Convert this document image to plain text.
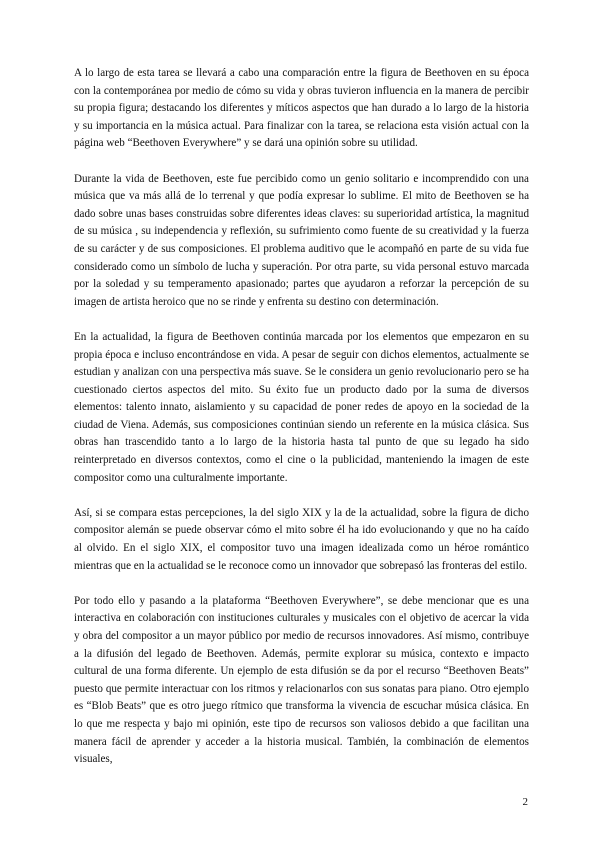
A lo largo de esta tarea se llevará a cabo una comparación entre la figura de Beethoven en su época con la contemporánea por medio de cómo su vida y obras tuvieron influencia en la manera de percibir su propia figura; destacando los diferentes y míticos aspectos que han durado a lo largo de la historia y su importancia en la música actual. Para finalizar con la tarea, se relaciona esta visión actual con la página web “Beethoven Everywhere” y se dará una opinión sobre su utilidad.

Durante la vida de Beethoven, este fue percibido como un genio solitario e incomprendido con una música que va más allá de lo terrenal y que podía expresar lo sublime. El mito de Beethoven se ha dado sobre unas bases construidas sobre diferentes ideas claves: su superioridad artística, la magnitud de su música , su independencia y reflexión, su sufrimiento como fuente de su creatividad y la fuerza de su carácter y de sus composiciones. El problema auditivo que le acompañó en parte de su vida fue considerado como un símbolo de lucha y superación. Por otra parte, su vida personal estuvo marcada por la soledad y su temperamento apasionado; partes que ayudaron a reforzar la percepción de su imagen de artista heroico que no se rinde y enfrenta su destino con determinación.

En la actualidad, la figura de Beethoven continúa marcada por los elementos que empezaron en su propia época e incluso encontrándose en vida. A pesar de seguir con dichos elementos, actualmente se estudian y analizan con una perspectiva más suave. Se le considera un genio revolucionario pero se ha cuestionado ciertos aspectos del mito. Su éxito fue un producto dado por la suma de diversos elementos: talento innato, aislamiento y su capacidad de poner redes de apoyo en la sociedad de la ciudad de Viena. Además, sus composiciones continúan siendo un referente en la música clásica. Sus obras han trascendido tanto a lo largo de la historia hasta tal punto de que su legado ha sido reinterpretado en diversos contextos, como el cine o la publicidad, manteniendo la imagen de este compositor como una culturalmente importante.

Así, si se compara estas percepciones, la del siglo XIX y la de la actualidad, sobre la figura de dicho compositor alemán se puede observar cómo el mito sobre él ha ido evolucionando y que no ha caído al olvido. En el siglo XIX, el compositor tuvo una imagen idealizada como un héroe romántico mientras que en la actualidad se le reconoce como un innovador que sobrepasó las fronteras del estilo.

Por todo ello y pasando a la plataforma “Beethoven Everywhere”, se debe mencionar que es una interactiva en colaboración con instituciones culturales y musicales con el objetivo de acercar la vida y obra del compositor a un mayor público por medio de recursos innovadores. Así mismo, contribuye a la difusión del legado de Beethoven. Además, permite explorar su música, contexto e impacto cultural de una forma diferente. Un ejemplo de esta difusión se da por el recurso “Beethoven Beats” puesto que permite interactuar con los ritmos y relacionarlos con sus sonatas para piano. Otro ejemplo es “Blob Beats” que es otro juego rítmico que transforma la vivencia de escuchar música clásica. En lo que me respecta y bajo mi opinión, este tipo de recursos son valiosos debido a que facilitan una manera fácil de aprender y acceder a la historia musical. También, la combinación de elementos visuales,

2
